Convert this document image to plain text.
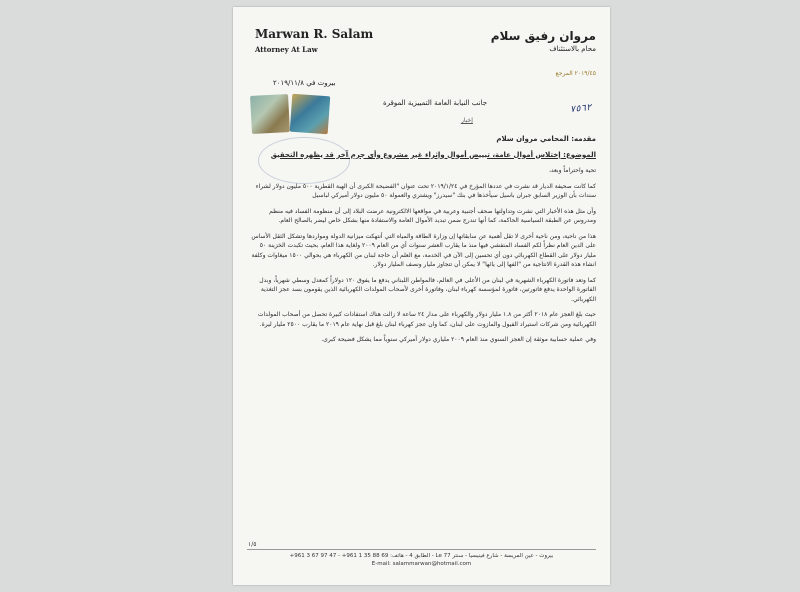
Marwan R. Salam
Attorney At Law
مروان رفيق سلام
محام بالاستئناف
٢٠١٩/٤٥ المرجع
٧٥٦٢
بيروت في ٢٠١٩/١١/٨
جانب النيابة العامة التمييزية الموقرة
إخبار

مقدمه: المحامي مروان سلام

الموضوع: إختلاس أموال عامة، تبييض أموال وإثراء غير مشروع وأي جرم آخر قد يظهره التحقيق

تحية واحتراماً وبعد،

كما كانت صحيفة الديار قد نشرت في عددها المؤرخ في ٢٠١٩/١/٢٤ تحت عنوان "الفضيحة الكبرى أن الهبة القطرية ٥٠٠ مليون دولار لشراء سندات بأن الوزير السابق جبران باسيل سيأخذها في بنك "سيدرز" ويشتري والعمولة ٥٠ مليون دولار أميركي لباسيل

وأن مثل هذه الأخبار التي نشرت وتداولتها صحف أجنبية وعربية في مواقعها الالكترونية عرضت البلاد إلى أن منظومة الفساد فيه منظم ومدروس عن الطبقة السياسية الحاكمة، كما أنها تندرج ضمن تبديد الأموال العامة والاستفادة منها بشكل خاص ليضر بالصالح العام.

هذا من ناحية، ومن ناحية أخرى لا تقل أهمية عن سابقاتها إن وزارة الطاقة والمياه التي أنتهكت ميزانية الدولة ومواردها وتشكل الثقل الأساس على الدين العام نظراً لكم الفساد المتفشي فيها منذ ما يقارب العشر سنوات أي من العام ٢٠٠٩ ولغاية هذا العام، بحيث تكبدت الخزينة ٥٠ مليار دولار على القطاع الكهربائي دون أي تحسين إلى الآن في الخدمة، مع العلم أن حاجة لبنان من الكهرباء هي بحوالي ١٥٠٠ ميغاوات وكلفة انشاء هذه القدرة الانتاجية من "الفها إلى يائها" لا يمكن أن تتجاوز مليار ونصف المليار دولار.

كما وتعد فاتورة الكهرباء الشهرية في لبنان من الأعلى في العالم، فالمواطن اللبناني يدفع ما يفوق ١٢٠ دولاراً كمعدل وسطي شهرياً، وبدل الفاتورة الواحدة يدفع فاتورتين، فاتورة لمؤسسة كهرباء لبنان، وفاتورة أخرى لأصحاب المولدات الكهربائية الذين يقومون بسد عجز التغذية الكهربائي.

حيث بلغ العجز عام ٢٠١٨ أكثر من ١.٨ مليار دولار والكهرباء على مدار ٢٤ ساعة لا زالت هناك استفادات كبيرة تحصل من أصحاب المولدات الكهربائية ومن شركات استيراد الفيول والمازوت على لبنان، كما وان عجز كهرباء لبنان بلغ قبل نهاية عام ٢٠١٩ ما يقارب ٢٥٠٠ مليار ليرة.

وفي عملية حسابية موثقة إن العجز السنوي منذ العام ٢٠٠٩ ملياري دولار أميركي سنوياً مما يشكل فضيحة كبرى.

١/٥
بيروت - عين المريسة - شارع فينيسيا - سنتر Le 77 - الطابق 4 - هاتف: 69 88 35 1 961+ - 47 97 67 3 961+
E-mail: salammarwan@hotmail.com
